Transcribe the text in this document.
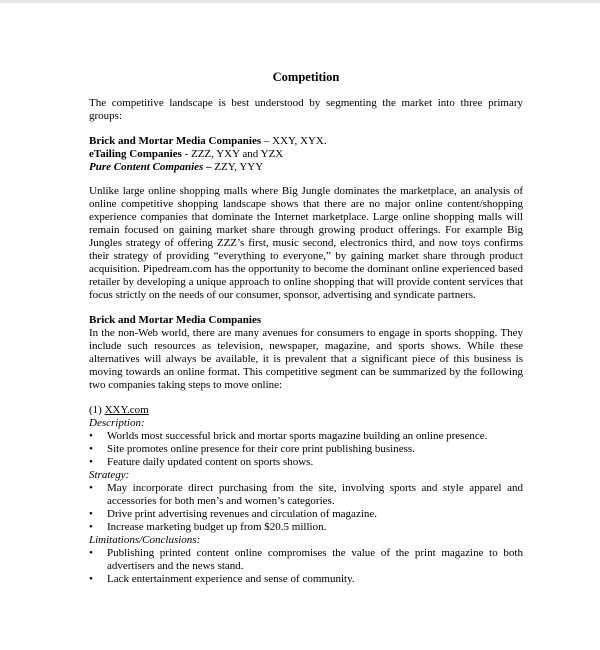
Competition

The competitive landscape is best understood by segmenting the market into three primary groups:

Brick and Mortar Media Companies – XXY, XYX.
eTailing Companies - ZZZ, YXY and YZX
Pure Content Companies – ZZY, YYY

Unlike large online shopping malls where Big Jungle dominates the marketplace, an analysis of online competitive shopping landscape shows that there are no major online content/shopping experience companies that dominate the Internet marketplace. Large online shopping malls will remain focused on gaining market share through growing product offerings. For example Big Jungles strategy of offering ZZZ’s first, music second, electronics third, and now toys confirms their strategy of providing “everything to everyone,” by gaining market share through product acquisition. Pipedream.com has the opportunity to become the dominant online experienced based retailer by developing a unique approach to online shopping that will provide content services that focus strictly on the needs of our consumer, sponsor, advertising and syndicate partners.

Brick and Mortar Media Companies

In the non-Web world, there are many avenues for consumers to engage in sports shopping. They include such resources as television, newspaper, magazine, and sports shows. While these alternatives will always be available, it is prevalent that a significant piece of this business is moving towards an online format. This competitive segment can be summarized by the following two companies taking steps to move online:

(1) XXY.com
Description:
• Worlds most successful brick and mortar sports magazine building an online presence.
• Site promotes online presence for their core print publishing business.
• Feature daily updated content on sports shows.
Strategy:
• May incorporate direct purchasing from the site, involving sports and style apparel and accessories for both men’s and women’s categories.
• Drive print advertising revenues and circulation of magazine.
• Increase marketing budget up from $20.5 million.
Limitations/Conclusions:
• Publishing printed content online compromises the value of the print magazine to both advertisers and the news stand.
• Lack entertainment experience and sense of community.
